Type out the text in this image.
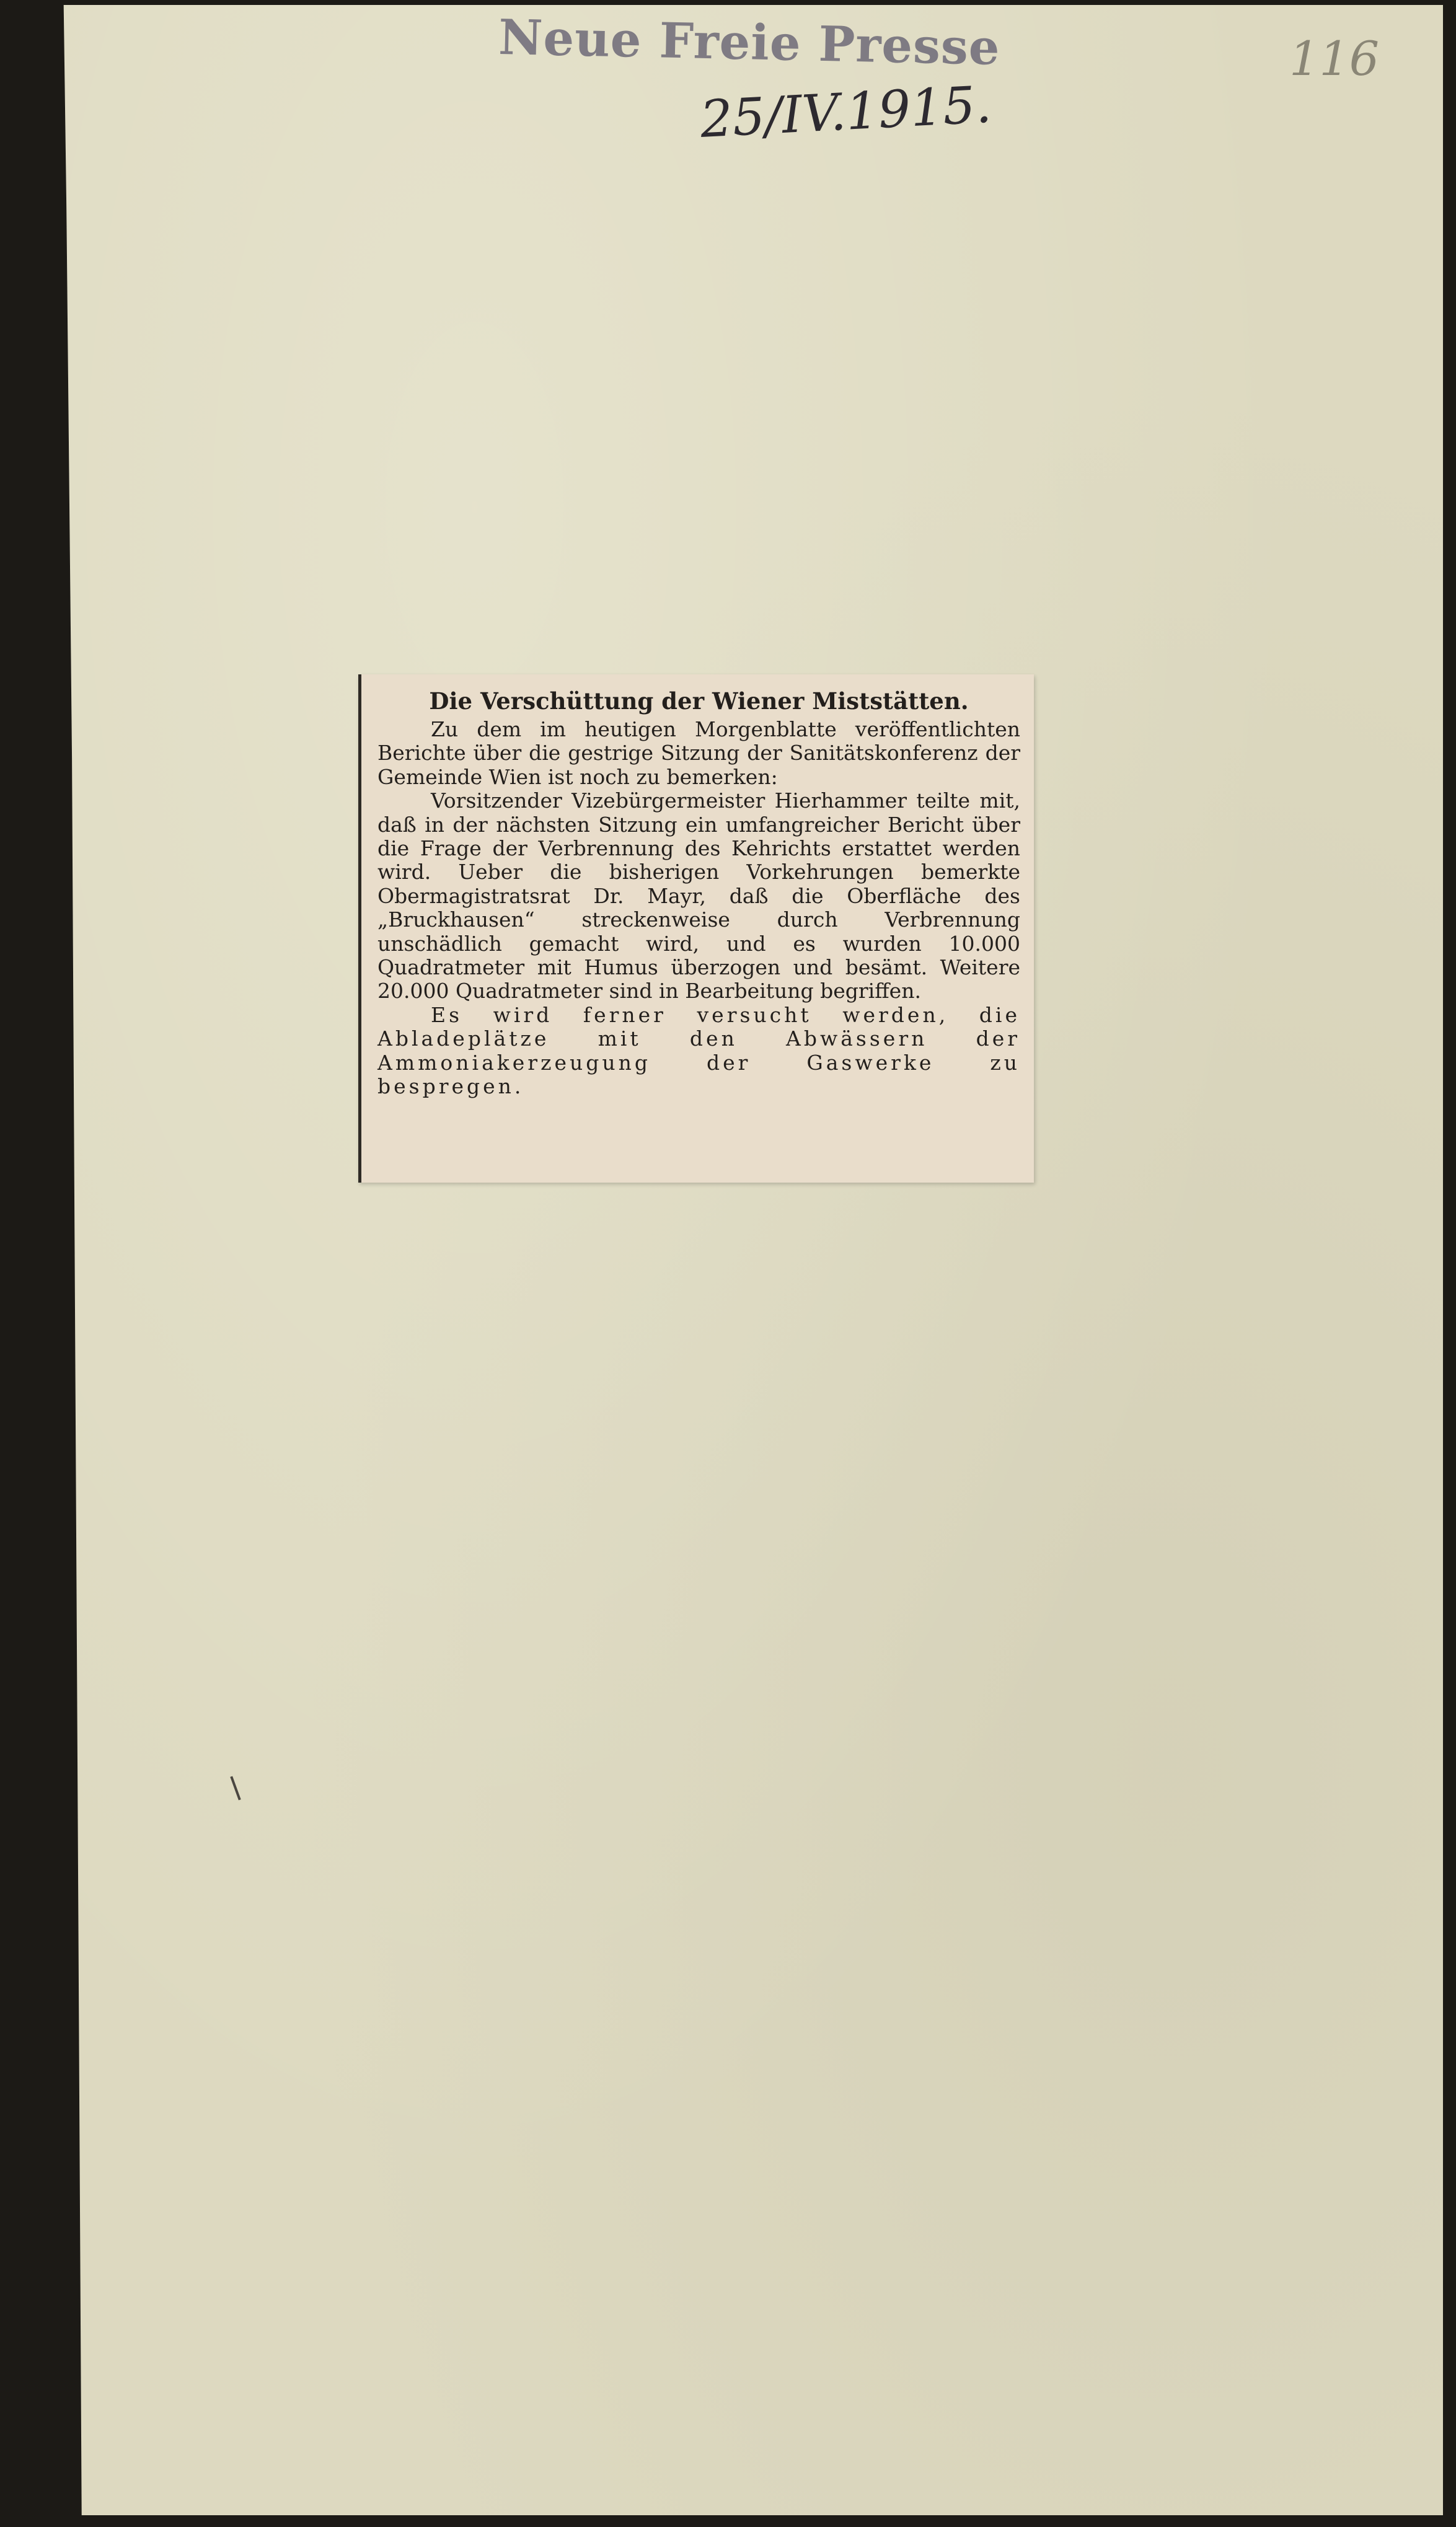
Neue Freie Presse
25/IV.1915.
116
Die Verschüttung der Wiener Miststätten.

Zu dem im heutigen Morgenblatte veröffentlichten Berichte über die gestrige Sitzung der Sanitätskonferenz der Gemeinde Wien ist noch zu bemerken:

Vorsitzender Vizebürgermeister Hierhammer teilte mit, daß in der nächsten Sitzung ein umfangreicher Bericht über die Frage der Verbrennung des Kehrichts erstattet werden wird. Ueber die bisherigen Vorkehrungen bemerkte Obermagistratsrat Dr. Mayr, daß die Oberfläche des „Bruckhausen“ streckenweise durch Verbrennung unschädlich gemacht wird, und es wurden 10.000 Quadratmeter mit Humus überzogen und besämt. Weitere 20.000 Quadratmeter sind in Bearbeitung begriffen.

Es wird ferner versucht werden, die Abladeplätze mit den Abwässern der Ammoniakerzeugung der Gaswerke zu bespregen.
